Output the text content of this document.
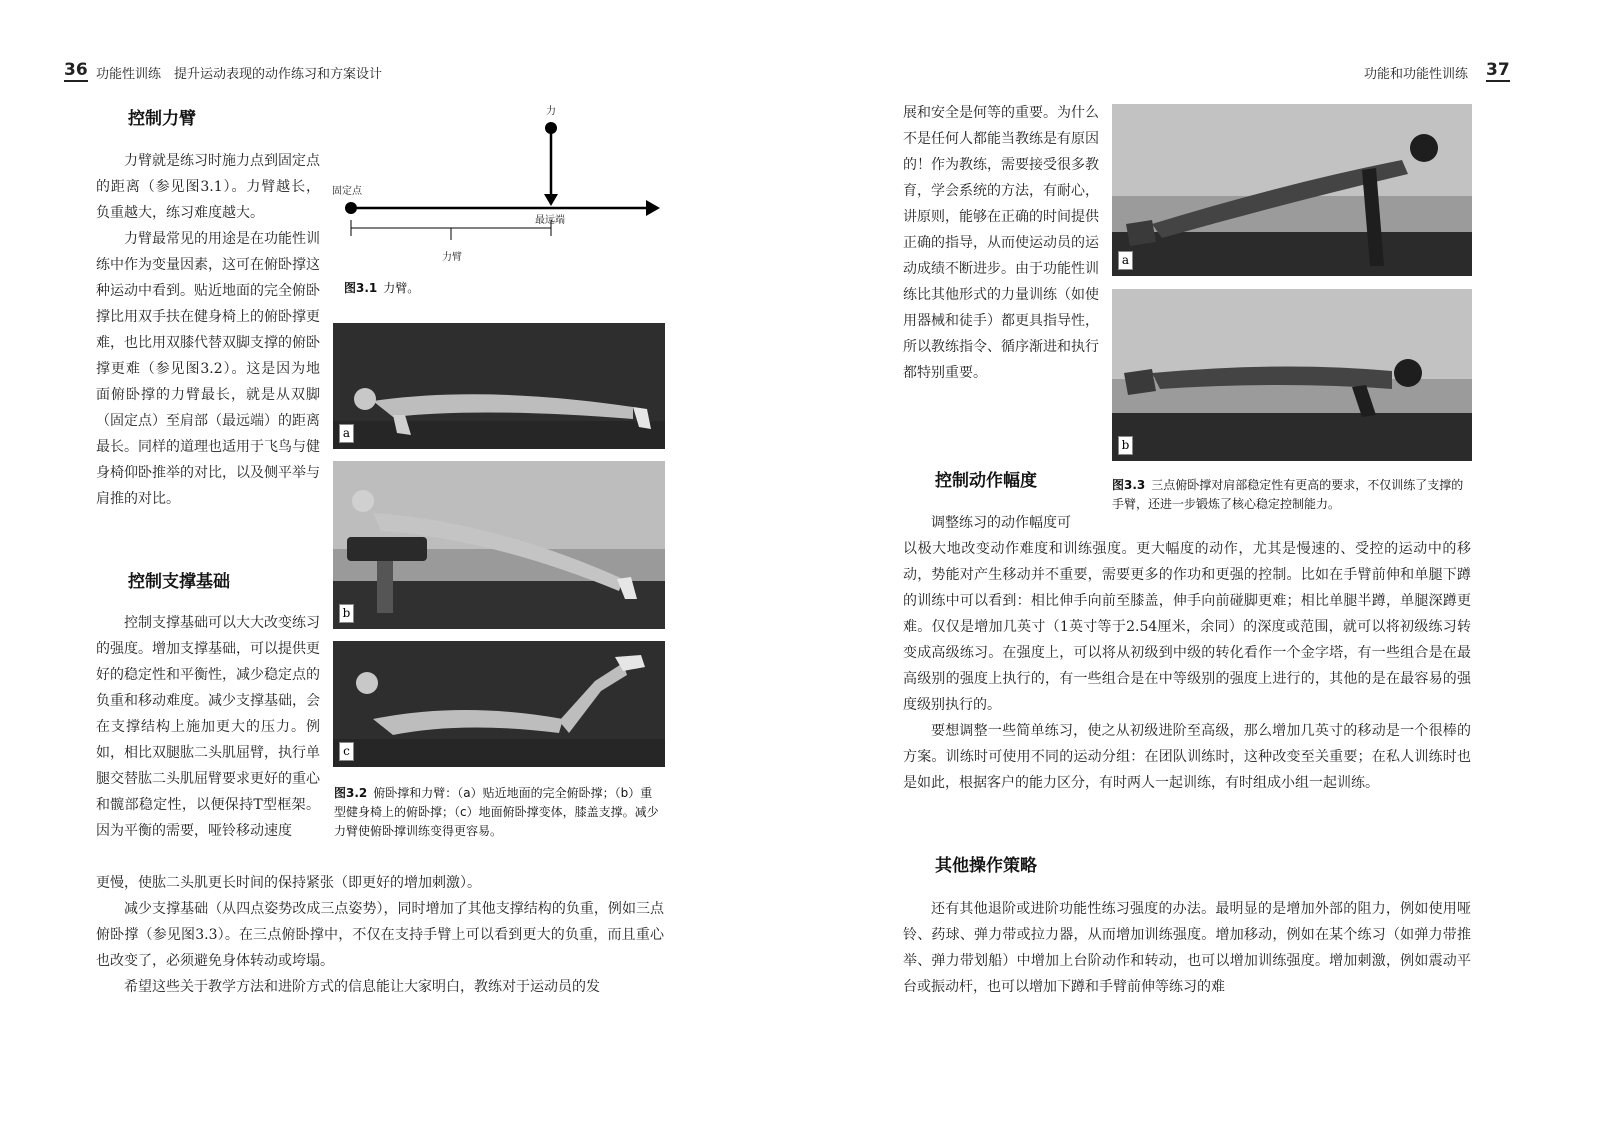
36 功能性训练　提升运动表现的动作练习和方案设计
控制力臂

力臂就是练习时施力点到固定点的距离（参见图3.1）。力臂越长，负重越大，练习难度越大。

力臂最常见的用途是在功能性训练中作为变量因素，这可在俯卧撑这种运动中看到。贴近地面的完全俯卧撑比用双手扶在健身椅上的俯卧撑更难，也比用双膝代替双脚支撑的俯卧撑更难（参见图3.2）。这是因为地面俯卧撑的力臂最长，就是从双脚（固定点）至肩部（最远端）的距离最长。同样的道理也适用于飞鸟与健身椅仰卧推举的对比，以及侧平举与肩推的对比。

力
固定点
最远端
力臂
图3.1 力臂。
a
b
c
图3.2 俯卧撑和力臂：（a）贴近地面的完全俯卧撑；（b）重型健身椅上的俯卧撑；（c）地面俯卧撑变体，膝盖支撑。减少力臂使俯卧撑训练变得更容易。
控制支撑基础

控制支撑基础可以大大改变练习的强度。增加支撑基础，可以提供更好的稳定性和平衡性，减少稳定点的负重和移动难度。减少支撑基础，会在支撑结构上施加更大的压力。例如，相比双腿肱二头肌屈臂，执行单腿交替肱二头肌屈臂要求更好的重心和髋部稳定性，以便保持T型框架。因为平衡的需要，哑铃移动速度

更慢，使肱二头肌更长时间的保持紧张（即更好的增加刺激）。

减少支撑基础（从四点姿势改成三点姿势），同时增加了其他支撑结构的负重，例如三点俯卧撑（参见图3.3）。在三点俯卧撑中，不仅在支持手臂上可以看到更大的负重，而且重心也改变了，必须避免身体转动或垮塌。

希望这些关于教学方法和进阶方式的信息能让大家明白，教练对于运动员的发

功能和功能性训练 37
展和安全是何等的重要。为什么不是任何人都能当教练是有原因的！作为教练，需要接受很多教育，学会系统的方法，有耐心，讲原则，能够在正确的时间提供正确的指导，从而使运动员的运动成绩不断进步。由于功能性训练比其他形式的力量训练（如使用器械和徒手）都更具指导性，所以教练指令、循序渐进和执行都特别重要。
a
b
图3.3 三点俯卧撑对肩部稳定性有更高的要求，不仅训练了支撑的手臂，还进一步锻炼了核心稳定控制能力。
控制动作幅度

调整练习的动作幅度可

以极大地改变动作难度和训练强度。更大幅度的动作，尤其是慢速的、受控的运动中的移动，势能对产生移动并不重要，需要更多的作功和更强的控制。比如在手臂前伸和单腿下蹲的训练中可以看到：相比伸手向前至膝盖，伸手向前碰脚更难；相比单腿半蹲，单腿深蹲更难。仅仅是增加几英寸（1英寸等于2.54厘米，余同）的深度或范围，就可以将初级练习转变成高级练习。在强度上，可以将从初级到中级的转化看作一个金字塔，有一些组合是在最高级别的强度上执行的，有一些组合是在中等级别的强度上进行的，其他的是在最容易的强度级别执行的。

要想调整一些简单练习，使之从初级进阶至高级，那么增加几英寸的移动是一个很棒的方案。训练时可使用不同的运动分组：在团队训练时，这种改变至关重要；在私人训练时也是如此，根据客户的能力区分，有时两人一起训练，有时组成小组一起训练。

其他操作策略

还有其他退阶或进阶功能性练习强度的办法。最明显的是增加外部的阻力，例如使用哑铃、药球、弹力带或拉力器，从而增加训练强度。增加移动，例如在某个练习（如弹力带推举、弹力带划船）中增加上台阶动作和转动，也可以增加训练强度。增加刺激，例如震动平台或振动杆，也可以增加下蹲和手臂前伸等练习的难
